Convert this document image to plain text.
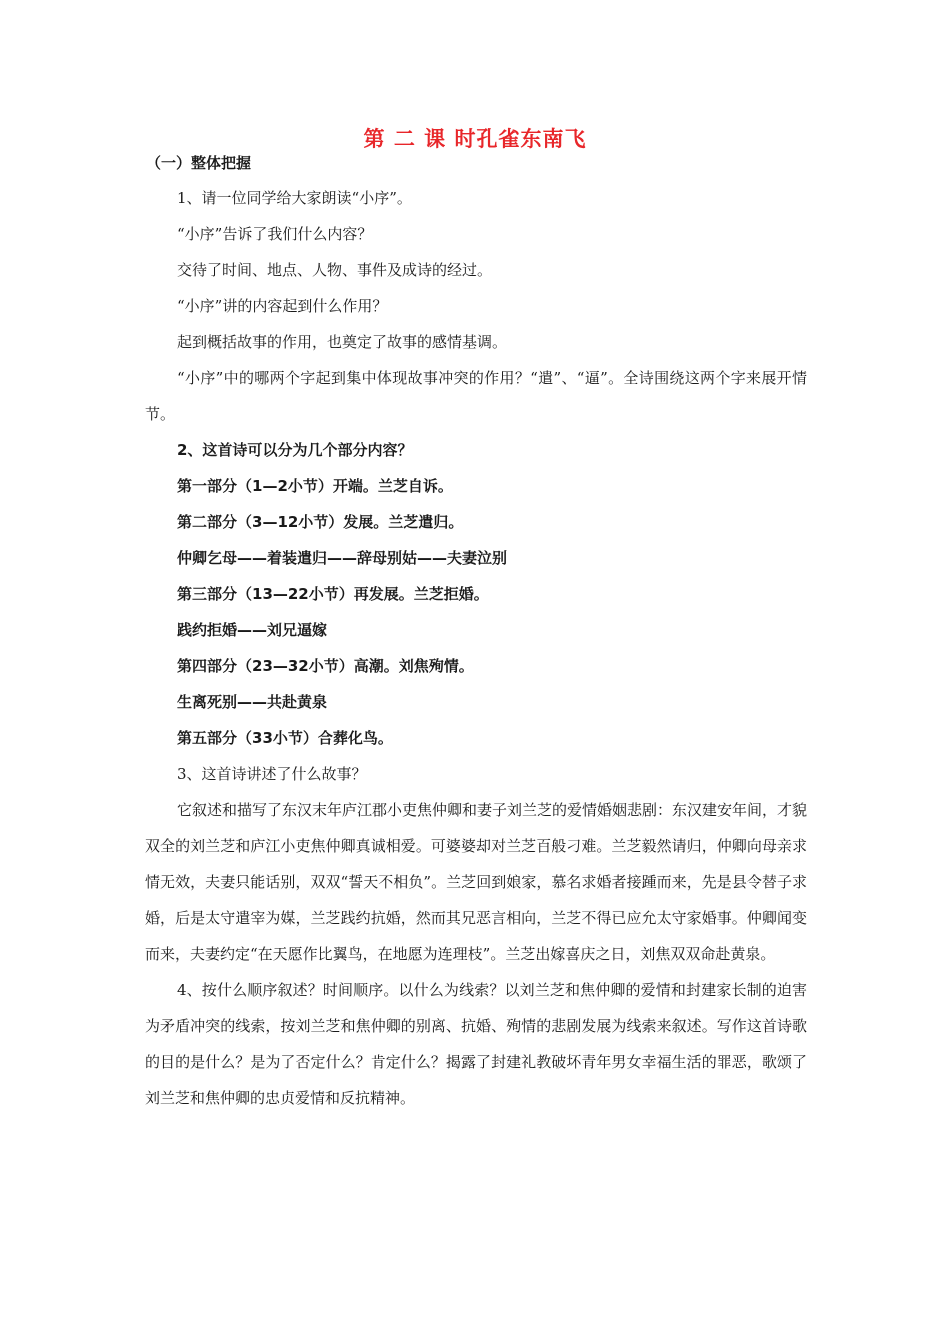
第 二 课 时孔雀东南飞
（一）整体把握

1、请一位同学给大家朗读“小序”。

“小序”告诉了我们什么内容？

交待了时间、地点、人物、事件及成诗的经过。

“小序”讲的内容起到什么作用？

起到概括故事的作用，也奠定了故事的感情基调。

“小序”中的哪两个字起到集中体现故事冲突的作用？“遣”、“逼”。全诗围绕这两个字来展开情节。

2、这首诗可以分为几个部分内容？

第一部分（1—2小节）开端。兰芝自诉。

第二部分（3—12小节）发展。兰芝遣归。

仲卿乞母——着装遣归——辞母别姑——夫妻泣别

第三部分（13—22小节）再发展。兰芝拒婚。

践约拒婚——刘兄逼嫁

第四部分（23—32小节）高潮。刘焦殉情。

生离死别——共赴黄泉

第五部分（33小节）合葬化鸟。

3、这首诗讲述了什么故事？

它叙述和描写了东汉末年庐江郡小吏焦仲卿和妻子刘兰芝的爱情婚姻悲剧：东汉建安年间，才貌双全的刘兰芝和庐江小吏焦仲卿真诚相爱。可婆婆却对兰芝百般刁难。兰芝毅然请归，仲卿向母亲求情无效，夫妻只能话别，双双“誓天不相负”。兰芝回到娘家，慕名求婚者接踵而来，先是县令替子求婚，后是太守遣宰为媒，兰芝践约抗婚，然而其兄恶言相向，兰芝不得已应允太守家婚事。仲卿闻变而来，夫妻约定“在天愿作比翼鸟，在地愿为连理枝”。兰芝出嫁喜庆之日，刘焦双双命赴黄泉。

4、按什么顺序叙述？时间顺序。以什么为线索？以刘兰芝和焦仲卿的爱情和封建家长制的迫害为矛盾冲突的线索，按刘兰芝和焦仲卿的别离、抗婚、殉情的悲剧发展为线索来叙述。写作这首诗歌的目的是什么？是为了否定什么？肯定什么？揭露了封建礼教破坏青年男女幸福生活的罪恶，歌颂了刘兰芝和焦仲卿的忠贞爱情和反抗精神。
